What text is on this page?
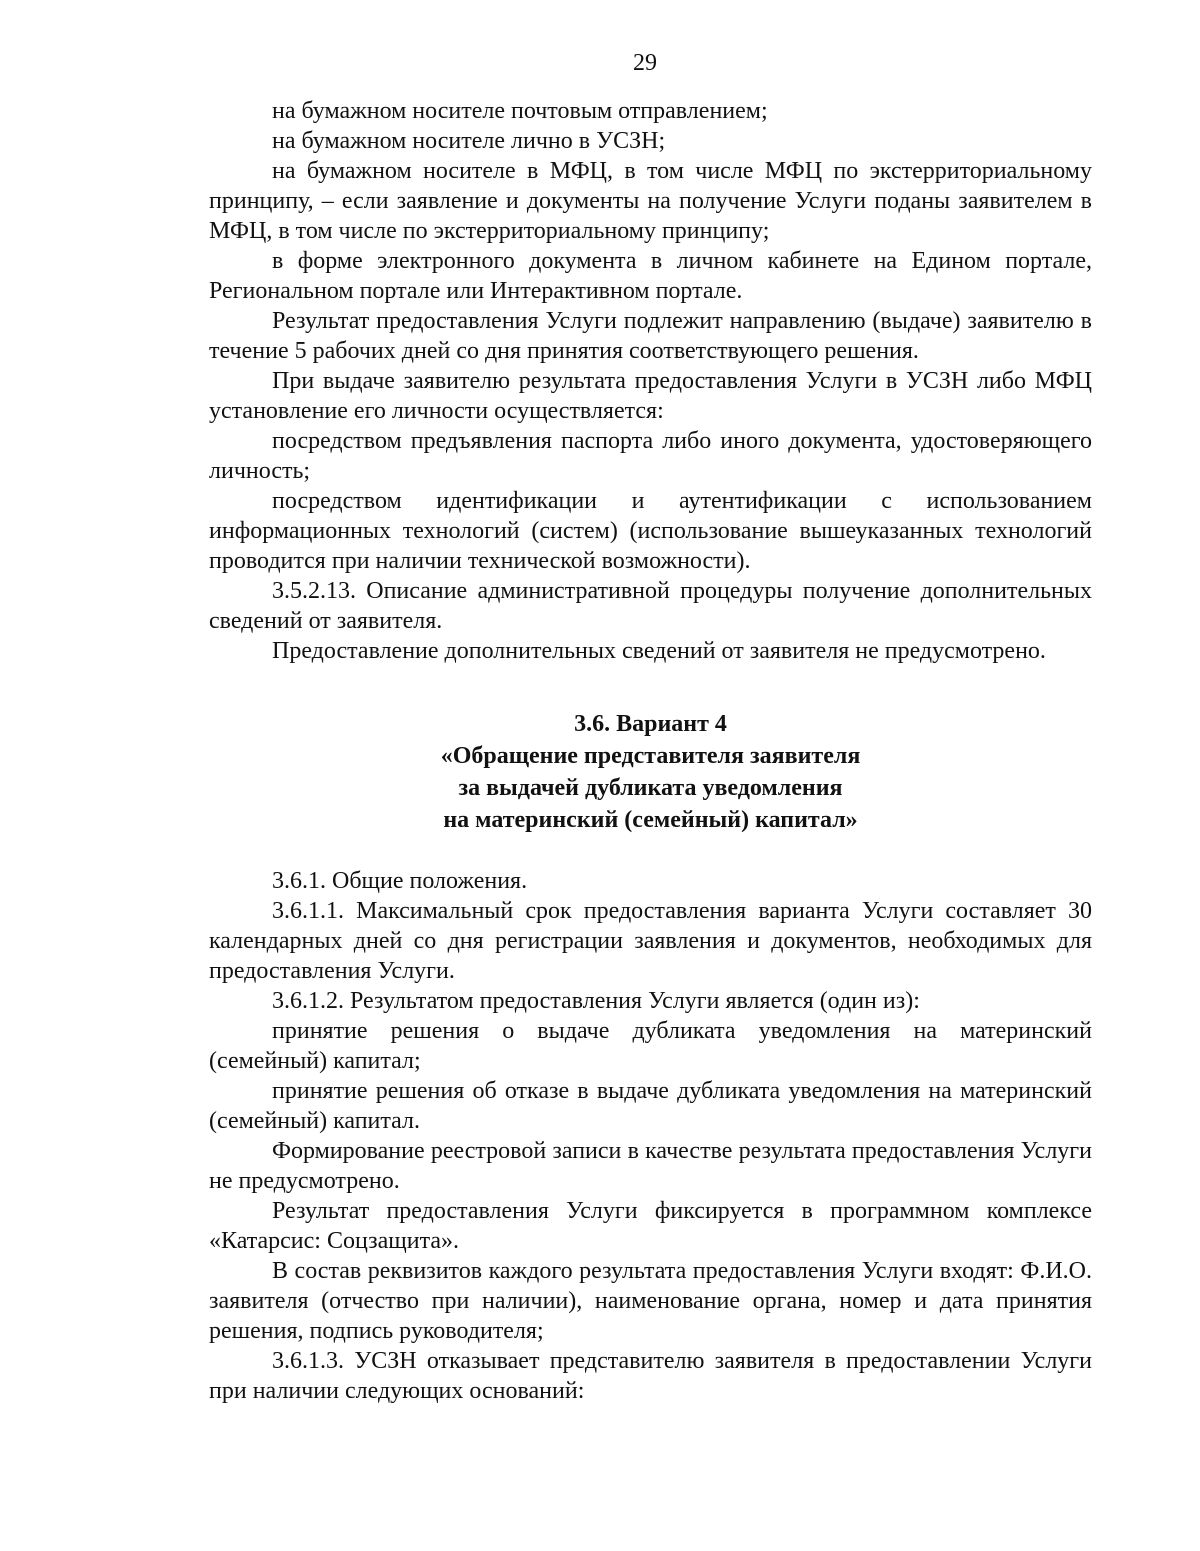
29

на бумажном носителе почтовым отправлением;

на бумажном носителе лично в УСЗН;

на бумажном носителе в МФЦ, в том числе МФЦ по экстерриториальному принципу, – если заявление и документы на получение Услуги поданы заявителем в МФЦ, в том числе по экстерриториальному принципу;

в форме электронного документа в личном кабинете на Едином портале, Региональном портале или Интерактивном портале.

Результат предоставления Услуги подлежит направлению (выдаче) заявителю в течение 5 рабочих дней со дня принятия соответствующего решения.

При выдаче заявителю результата предоставления Услуги в УСЗН либо МФЦ установление его личности осуществляется:

посредством предъявления паспорта либо иного документа, удостоверяющего личность;

посредством идентификации и аутентификации с использованием информационных технологий (систем) (использование вышеуказанных технологий проводится при наличии технической возможности).

3.5.2.13. Описание административной процедуры получение дополнительных сведений от заявителя.

Предоставление дополнительных сведений от заявителя не предусмотрено.

3.6. Вариант 4
«Обращение представителя заявителя
за выдачей дубликата уведомления
на материнский (семейный) капитал»

3.6.1. Общие положения.

3.6.1.1. Максимальный срок предоставления варианта Услуги составляет 30 календарных дней со дня регистрации заявления и документов, необходимых для предоставления Услуги.

3.6.1.2. Результатом предоставления Услуги является (один из):

принятие решения о выдаче дубликата уведомления на материнский (семейный) капитал;

принятие решения об отказе в выдаче дубликата уведомления на материнский (семейный) капитал.

Формирование реестровой записи в качестве результата предоставления Услуги не предусмотрено.

Результат предоставления Услуги фиксируется в программном комплексе «Катарсис: Соцзащита».

В состав реквизитов каждого результата предоставления Услуги входят: Ф.И.О. заявителя (отчество при наличии), наименование органа, номер и дата принятия решения, подпись руководителя;

3.6.1.3. УСЗН отказывает представителю заявителя в предоставлении Услуги при наличии следующих оснований:
